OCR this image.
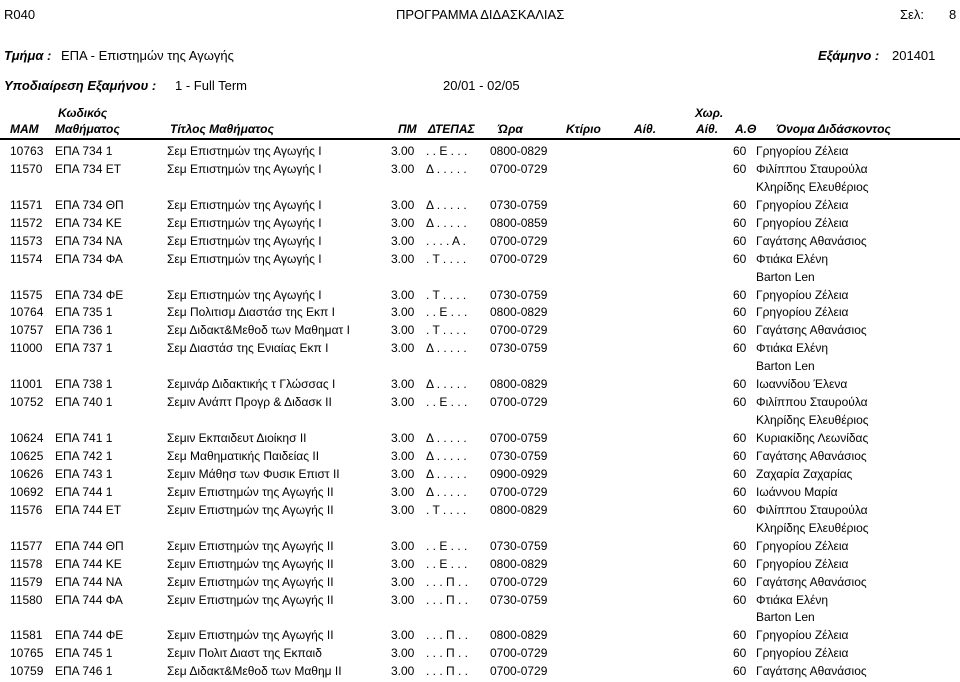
R040	ΠΡΟΓΡΑΜΜΑ ΔΙΔΑΣΚΑΛΙΑΣ	Σελ: 8
Τμήμα : ΕΠΑ - Επιστημών της Αγωγής	Εξάμηνο : 201401
Υποδιαίρεση Εξαμήνου : 1 - Full Term	20/01 - 02/05
ΜΑΜ
Κωδικός
Μαθήματος	Τίτλος Μαθήματος	ΠΜ ΔΤΕΠΑΣ Ώρα	Κτίριο	Αίθ.
Χωρ.
Αίθ. Α.Θ Όνομα Διδάσκοντος
10763 ΕΠΑ 734 1	Σεμ Επιστημών της Αγωγής Ι	3.00 . . Ε . . . 0800-0829	60 Γρηγορίου Ζέλεια
11570 ΕΠΑ 734 ΕΤ	Σεμ Επιστημών της Αγωγής Ι	3.00 Δ . . . . . 0700-0729	60 Φιλίππου Σταυρούλα
Κληρίδης Ελευθέριος
11571 ΕΠΑ 734 ΘΠ	Σεμ Επιστημών της Αγωγής Ι	3.00 Δ . . . . . 0730-0759	60 Γρηγορίου Ζέλεια
11572 ΕΠΑ 734 ΚΕ	Σεμ Επιστημών της Αγωγής Ι	3.00 Δ . . . . . 0800-0859	60 Γρηγορίου Ζέλεια
11573 ΕΠΑ 734 ΝΑ	Σεμ Επιστημών της Αγωγής Ι	3.00 . . . . Α . 0700-0729	60 Γαγάτσης Αθανάσιος
11574 ΕΠΑ 734 ΦΑ	Σεμ Επιστημών της Αγωγής Ι	3.00 . Τ . . . . 0700-0729	60 Φτιάκα Ελένη
Barton Len
11575 ΕΠΑ 734 ΦΕ	Σεμ Επιστημών της Αγωγής Ι	3.00 . Τ . . . . 0730-0759	60 Γρηγορίου Ζέλεια
10764 ΕΠΑ 735 1	Σεμ Πολιτισμ Διαστάσ της Εκπ Ι	3.00 . . Ε . . . 0800-0829	60 Γρηγορίου Ζέλεια
10757 ΕΠΑ 736 1	Σεμ Διδακτ&Μεθοδ των Μαθηματ Ι	3.00 . Τ . . . . 0700-0729	60 Γαγάτσης Αθανάσιος
11000 ΕΠΑ 737 1	Σεμ Διαστάσ της Ενιαίας Εκπ Ι	3.00 Δ . . . . . 0730-0759	60 Φτιάκα Ελένη
Barton Len
11001 ΕΠΑ 738 1	Σεμινάρ Διδακτικής τ Γλώσσας Ι	3.00 Δ . . . . . 0800-0829	60 Ιωαννίδου Έλενα
10752 ΕΠΑ 740 1	Σεμιν Ανάπτ Προγρ & Διδασκ ΙΙ	3.00 . . Ε . . . 0700-0729	60 Φιλίππου Σταυρούλα
Κληρίδης Ελευθέριος
10624 ΕΠΑ 741 1	Σεμιν Εκπαιδευτ Διοίκησ ΙΙ	3.00 Δ . . . . . 0700-0759	60 Κυριακίδης Λεωνίδας
10625 ΕΠΑ 742 1	Σεμ Μαθηματικής Παιδείας ΙΙ	3.00 Δ . . . . . 0730-0759	60 Γαγάτσης Αθανάσιος
10626 ΕΠΑ 743 1	Σεμιν Μάθησ των Φυσικ Επιστ ΙΙ	3.00 Δ . . . . . 0900-0929	60 Ζαχαρία Ζαχαρίας
10692 ΕΠΑ 744 1	Σεμιν Επιστημών της Αγωγής ΙΙ	3.00 Δ . . . . . 0700-0729	60 Ιωάννου Μαρία
11576 ΕΠΑ 744 ΕΤ	Σεμιν Επιστημών της Αγωγής ΙΙ	3.00 . Τ . . . . 0800-0829	60 Φιλίππου Σταυρούλα
Κληρίδης Ελευθέριος
11577 ΕΠΑ 744 ΘΠ	Σεμιν Επιστημών της Αγωγής ΙΙ	3.00 . . Ε . . . 0730-0759	60 Γρηγορίου Ζέλεια
11578 ΕΠΑ 744 ΚΕ	Σεμιν Επιστημών της Αγωγής ΙΙ	3.00 . . Ε . . . 0800-0829	60 Γρηγορίου Ζέλεια
11579 ΕΠΑ 744 ΝΑ	Σεμιν Επιστημών της Αγωγής ΙΙ	3.00 . . . Π . . 0700-0729	60 Γαγάτσης Αθανάσιος
11580 ΕΠΑ 744 ΦΑ	Σεμιν Επιστημών της Αγωγής ΙΙ	3.00 . . . Π . . 0730-0759	60 Φτιάκα Ελένη
Barton Len
11581 ΕΠΑ 744 ΦΕ	Σεμιν Επιστημών της Αγωγής ΙΙ	3.00 . . . Π . . 0800-0829	60 Γρηγορίου Ζέλεια
10765 ΕΠΑ 745 1	Σεμιν Πολιτ Διαστ της Εκπαιδ	3.00 . . . Π . . 0700-0729	60 Γρηγορίου Ζέλεια
10759 ΕΠΑ 746 1	Σεμ Διδακτ&Μεθοδ των Μαθημ ΙΙ	3.00 . . . Π . . 0700-0729	60 Γαγάτσης Αθανάσιος
